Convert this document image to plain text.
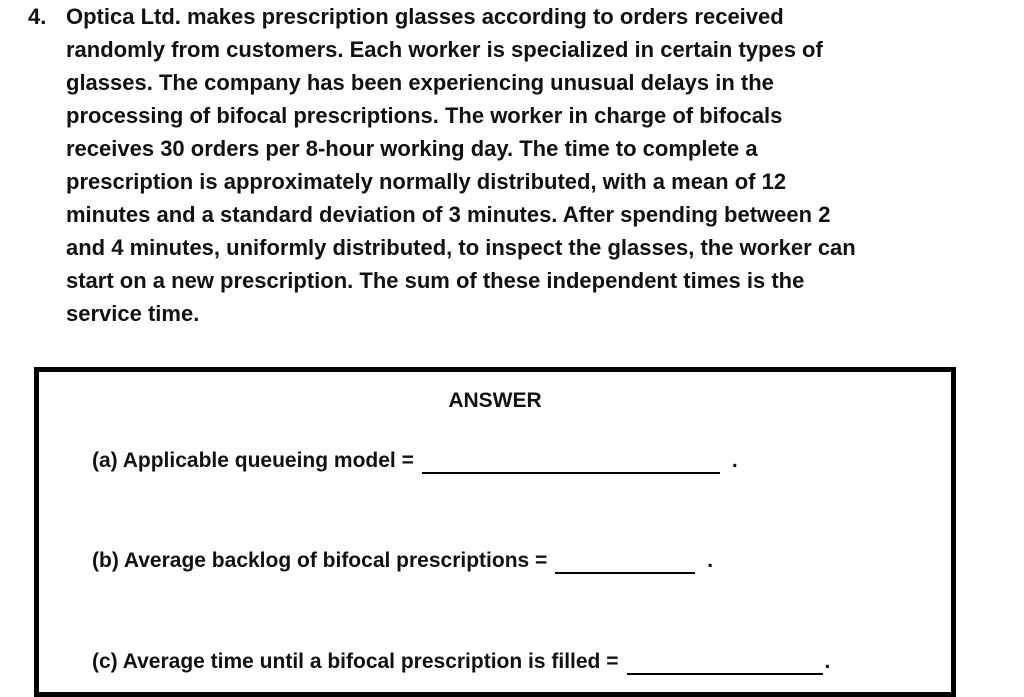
4. Optica Ltd. makes prescription glasses according to orders received
randomly from customers. Each worker is specialized in certain types of
glasses. The company has been experiencing unusual delays in the
processing of bifocal prescriptions. The worker in charge of bifocals
receives 30 orders per 8-hour working day. The time to complete a
prescription is approximately normally distributed, with a mean of 12
minutes and a standard deviation of 3 minutes. After spending between 2
and 4 minutes, uniformly distributed, to inspect the glasses, the worker can
start on a new prescription. The sum of these independent times is the
service time.
ANSWER
(a) Applicable queueing model =	.
(b) Average backlog of bifocal prescriptions =	.
(c) Average time until a bifocal prescription is filled =	.
